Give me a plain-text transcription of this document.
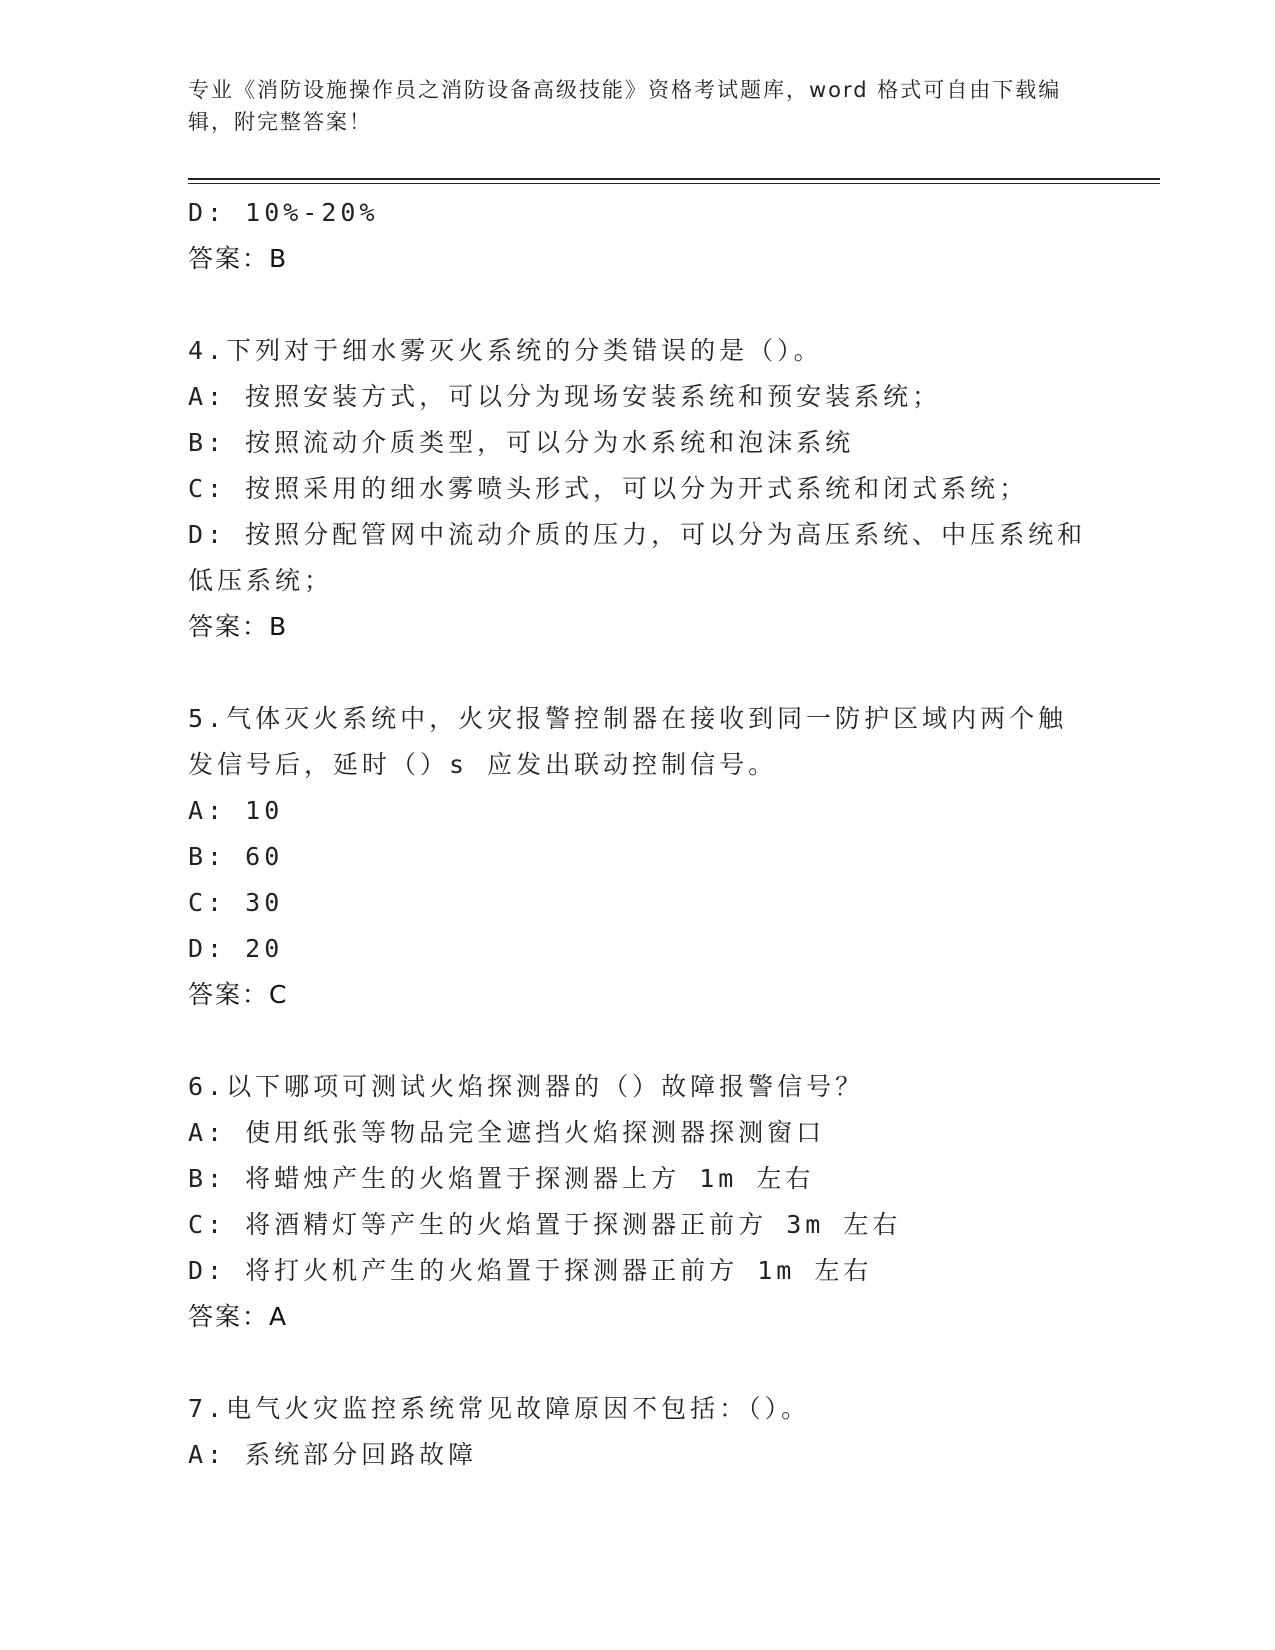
专业《消防设施操作员之消防设备高级技能》资格考试题库，word 格式可自由下载编辑，附完整答案！
D: 10%-20%
答案：B
4.下列对于细水雾灭火系统的分类错误的是（）。
A: 按照安装方式，可以分为现场安装系统和预安装系统；
B: 按照流动介质类型，可以分为水系统和泡沫系统
C: 按照采用的细水雾喷头形式，可以分为开式系统和闭式系统；
D: 按照分配管网中流动介质的压力，可以分为高压系统、中压系统和低压系统；
答案：B
5.气体灭火系统中，火灾报警控制器在接收到同一防护区域内两个触发信号后，延时（）s 应发出联动控制信号。
A: 10
B: 60
C: 30
D: 20
答案：C
6.以下哪项可测试火焰探测器的（）故障报警信号？
A: 使用纸张等物品完全遮挡火焰探测器探测窗口
B: 将蜡烛产生的火焰置于探测器上方 1m 左右
C: 将酒精灯等产生的火焰置于探测器正前方 3m 左右
D: 将打火机产生的火焰置于探测器正前方 1m 左右
答案：A
7.电气火灾监控系统常见故障原因不包括：（）。
A: 系统部分回路故障
